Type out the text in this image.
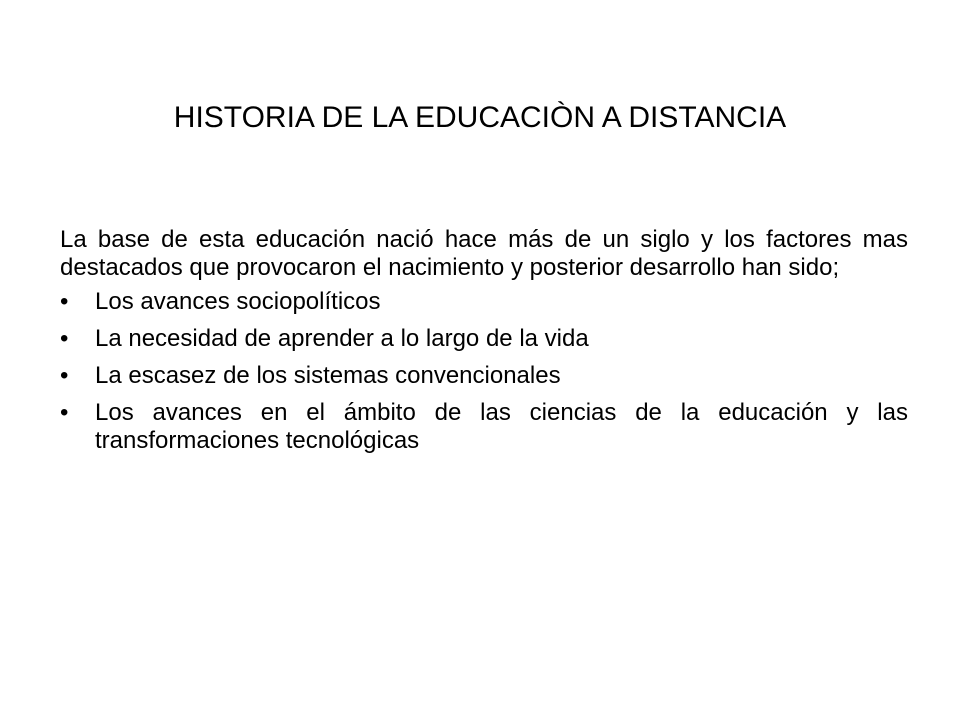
HISTORIA DE LA EDUCACIÒN A DISTANCIA

La base de esta educación nació hace más de un siglo y los factores mas destacados que provocaron el nacimiento y posterior desarrollo han sido;

• Los avances sociopolíticos
• La necesidad de aprender a lo largo de la vida
• La escasez de los sistemas convencionales
• Los avances en el ámbito de las ciencias de la educación y las transformaciones tecnológicas
